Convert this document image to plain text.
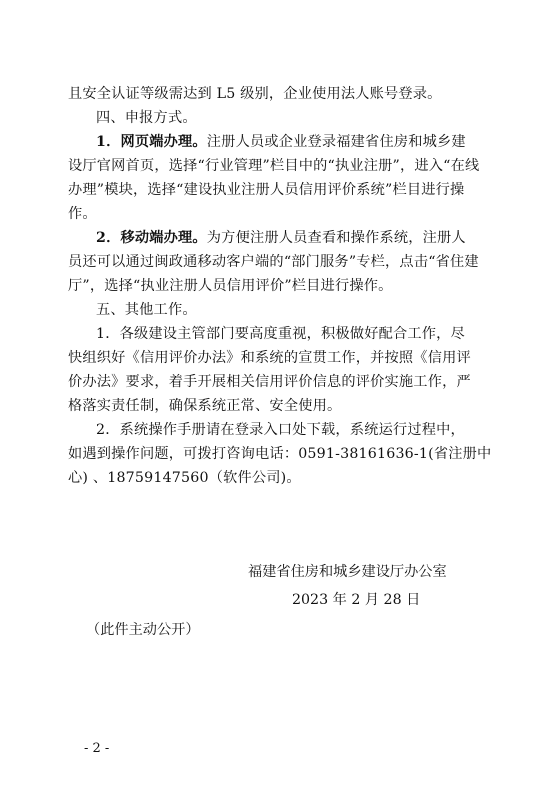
且安全认证等级需达到 L5 级别，企业使用法人账号登录。
四、申报方式。
1．网页端办理。注册人员或企业登录福建省住房和城乡建
设厅官网首页，选择“行业管理”栏目中的“执业注册”，进入“在线
办理”模块，选择“建设执业注册人员信用评价系统”栏目进行操
作。
2．移动端办理。为方便注册人员查看和操作系统，注册人
员还可以通过闽政通移动客户端的“部门服务”专栏，点击“省住建
厅”，选择“执业注册人员信用评价”栏目进行操作。
五、其他工作。
1．各级建设主管部门要高度重视，积极做好配合工作，尽
快组织好《信用评价办法》和系统的宣贯工作，并按照《信用评
价办法》要求，着手开展相关信用评价信息的评价实施工作，严
格落实责任制，确保系统正常、安全使用。
2．系统操作手册请在登录入口处下载，系统运行过程中，
如遇到操作问题，可拨打咨询电话：0591-38161636-1(省注册中
心) 、18759147560（软件公司)。
福建省住房和城乡建设厅办公室
2023 年 2 月 28 日
（此件主动公开）
- 2 -
